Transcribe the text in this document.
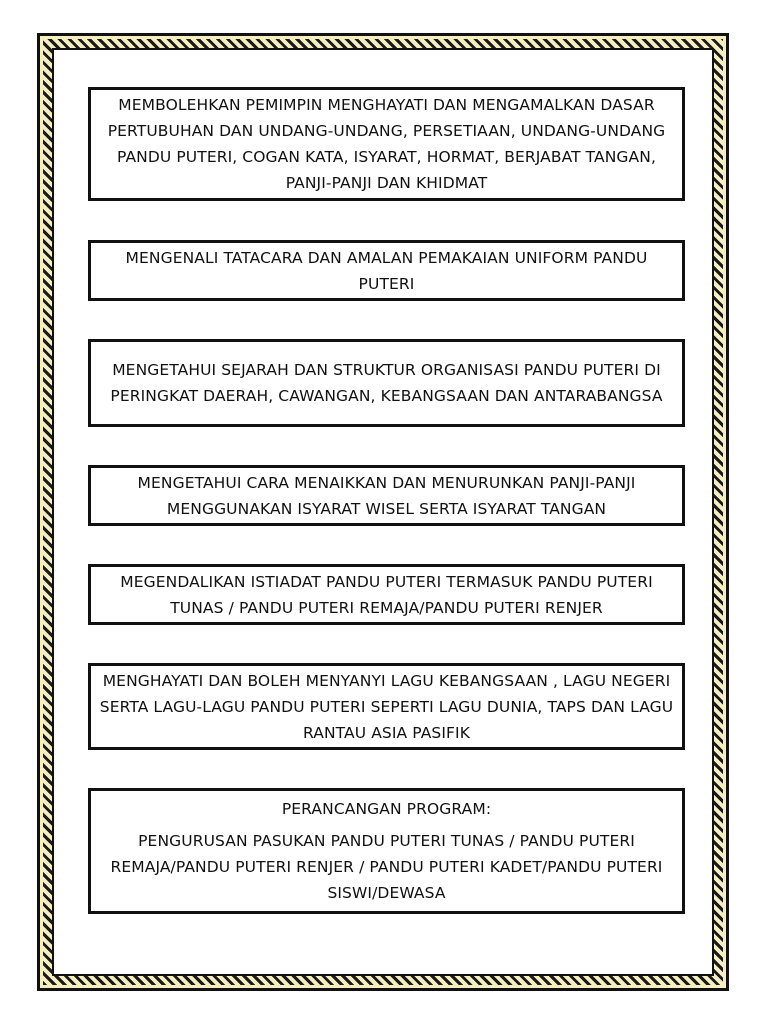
MEMBOLEHKAN PEMIMPIN MENGHAYATI DAN MENGAMALKAN DASAR PERTUBUHAN DAN UNDANG-UNDANG, PERSETIAAN, UNDANG-UNDANG PANDU PUTERI, COGAN KATA, ISYARAT, HORMAT, BERJABAT TANGAN, PANJI-PANJI DAN KHIDMAT

MENGENALI TATACARA DAN AMALAN PEMAKAIAN UNIFORM PANDU PUTERI

MENGETAHUI SEJARAH DAN STRUKTUR ORGANISASI PANDU PUTERI DI PERINGKAT DAERAH, CAWANGAN, KEBANGSAAN DAN ANTARABANGSA

MENGETAHUI CARA MENAIKKAN DAN MENURUNKAN PANJI-PANJI MENGGUNAKAN ISYARAT WISEL SERTA ISYARAT TANGAN

MEGENDALIKAN ISTIADAT PANDU PUTERI TERMASUK PANDU PUTERI TUNAS / PANDU PUTERI REMAJA/PANDU PUTERI RENJER

MENGHAYATI DAN BOLEH MENYANYI LAGU KEBANGSAAN , LAGU NEGERI SERTA LAGU-LAGU PANDU PUTERI SEPERTI LAGU DUNIA, TAPS DAN LAGU RANTAU ASIA PASIFIK

PERANCANGAN PROGRAM:

PENGURUSAN PASUKAN PANDU PUTERI TUNAS / PANDU PUTERI REMAJA/PANDU PUTERI RENJER / PANDU PUTERI KADET/PANDU PUTERI SISWI/DEWASA
